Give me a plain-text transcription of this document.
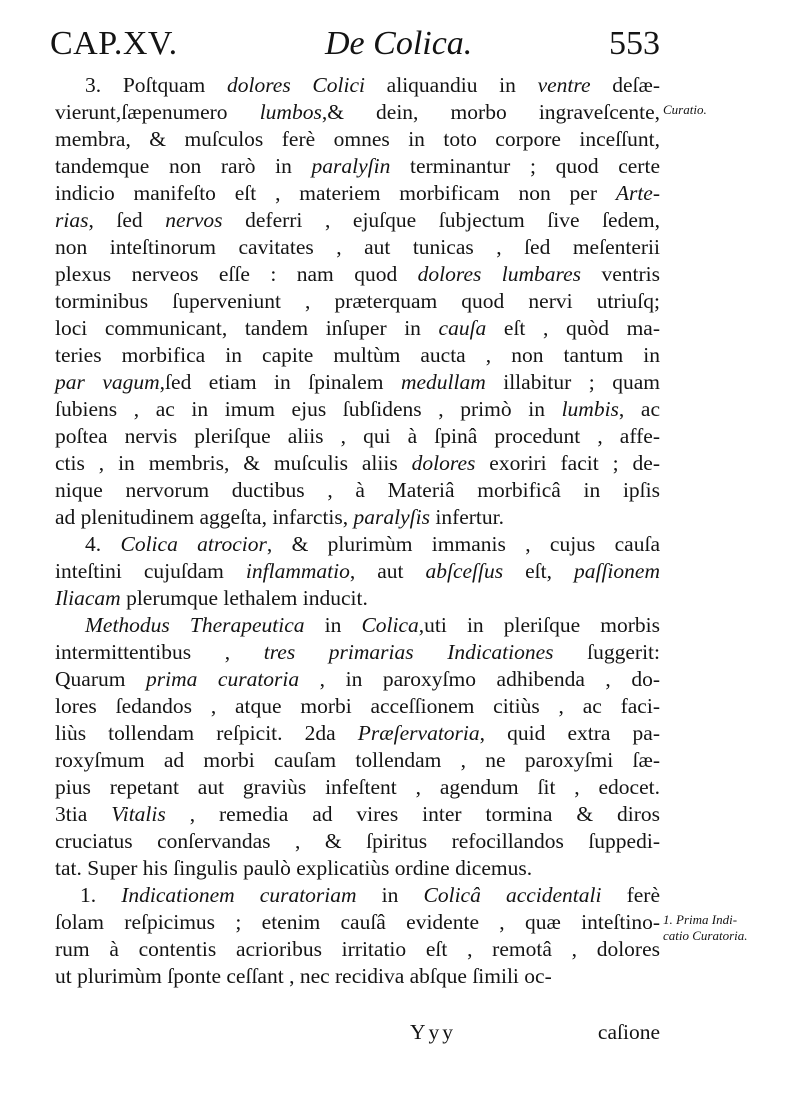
CAP.XV.	De Colica.	553
Curatio.
1. Prima Indi-
catio Curatoria.
3. Poſtquam dolores Colici aliquandiu in ventre deſæ-
vierunt,ſæpenumero lumbos,& dein, morbo ingraveſcente,
membra, & muſculos ferè omnes in toto corpore inceſſunt,
tandemque non rarò in paralyſin terminantur ; quod certe
indicio manifeſto eſt , materiem morbificam non per Arte-
rias, ſed nervos deferri , ejuſque ſubjectum ſive ſedem,
non inteſtinorum cavitates , aut tunicas , ſed meſenterii
plexus nerveos eſſe : nam quod dolores lumbares ventris
torminibus ſuperveniunt , præterquam quod nervi utriuſq;
loci communicant, tandem inſuper in cauſa eſt , quòd ma-
teries morbifica in capite multùm aucta , non tantum in
par vagum,ſed etiam in ſpinalem medullam illabitur ; quam
ſubiens , ac in imum ejus ſubſidens , primò in lumbis, ac
poſtea nervis pleriſque aliis , qui à ſpinâ procedunt , affe-
ctis , in membris, & muſculis aliis dolores exoriri facit ; de-
nique nervorum ductibus , à Materiâ morbificâ in ipſis
ad plenitudinem aggeſta, infarctis, paralyſis infertur.
4. Colica atrocior, & plurimùm immanis , cujus cauſa
inteſtini cujuſdam inflammatio, aut abſceſſus eſt, paſſionem
Iliacam plerumque lethalem inducit.
Methodus Therapeutica in Colica,uti in pleriſque morbis
intermittentibus , tres primarias Indicationes ſuggerit:
Quarum prima curatoria , in paroxyſmo adhibenda , do-
lores ſedandos , atque morbi acceſſionem citiùs , ac faci-
liùs tollendam reſpicit. 2da Præſervatoria, quid extra pa-
roxyſmum ad morbi cauſam tollendam , ne paroxyſmi ſæ-
pius repetant aut graviùs infeſtent , agendum ſit , edocet.
3tia Vitalis , remedia ad vires inter tormina & diros
cruciatus conſervandas , & ſpiritus refocillandos ſuppedi-
tat. Super his ſingulis paulò explicatiùs ordine dicemus.
1. Indicationem curatoriam in Colicâ accidentali ferè
ſolam reſpicimus ; etenim cauſâ evidente , quæ inteſtino-
rum à contentis acrioribus irritatio eſt , remotâ , dolores
ut plurimùm ſponte ceſſant , nec recidiva abſque ſimili oc-
Yyy	caſione
